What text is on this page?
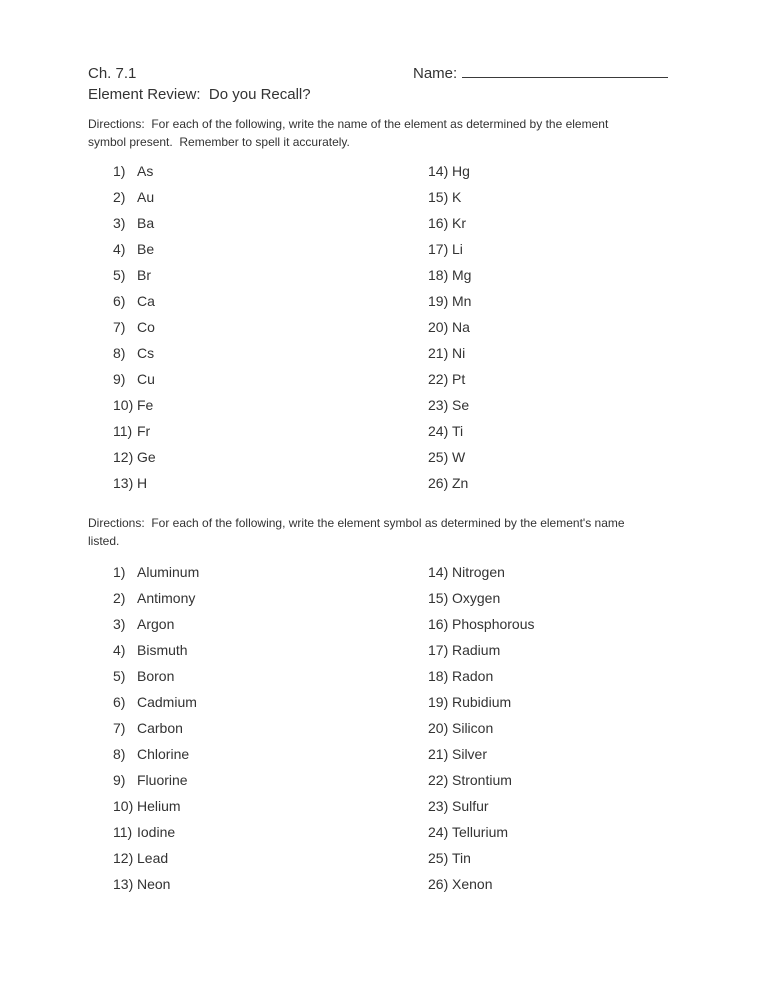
Ch. 7.1
Element Review:  Do you Recall?
Name:
Directions:  For each of the following, write the name of the element as determined by the element
symbol present.  Remember to spell it accurately.
1) As
2) Au
3) Ba
4) Be
5) Br
6) Ca
7) Co
8) Cs
9) Cu
10) Fe
11) Fr
12) Ge
13) H
14) Hg
15) K
16) Kr
17) Li
18) Mg
19) Mn
20) Na
21) Ni
22) Pt
23) Se
24) Ti
25) W
26) Zn
Directions:  For each of the following, write the element symbol as determined by the element's name
listed.
1) Aluminum
2) Antimony
3) Argon
4) Bismuth
5) Boron
6) Cadmium
7) Carbon
8) Chlorine
9) Fluorine
10) Helium
11) Iodine
12) Lead
13) Neon
14) Nitrogen
15) Oxygen
16) Phosphorous
17) Radium
18) Radon
19) Rubidium
20) Silicon
21) Silver
22) Strontium
23) Sulfur
24) Tellurium
25) Tin
26) Xenon
